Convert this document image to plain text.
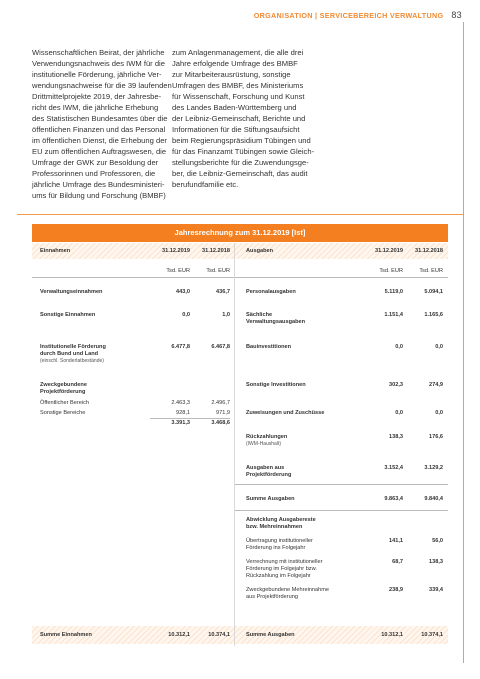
ORGANISATION | SERVICEBEREICH VERWALTUNG 83
Wissenschaftlichen Beirat, der jährliche
Verwendungsnachweis des IWM für die
institutionelle Förderung, jährliche Ver-
wendungsnachweise für die 39 laufenden
Drittmittelprojekte 2019, der Jahresbe-
richt des IWM, die jährliche Erhebung
des Statistischen Bundesamtes über die
öffentlichen Finanzen und das Personal
im öffentlichen Dienst, die Erhebung der
EU zum öffentlichen Auftragswesen, die
Umfrage der GWK zur Besoldung der
Professorinnen und Professoren, die
jährliche Umfrage des Bundesministeri-
ums für Bildung und Forschung (BMBF)
zum Anlagenmanagement, die alle drei
Jahre erfolgende Umfrage des BMBF
zur Mitarbeiterausrüstung, sonstige
Umfragen des BMBF, des Ministeriums
für Wissenschaft, Forschung und Kunst
des Landes Baden-Württemberg und
der Leibniz-Gemeinschaft, Berichte und
Informationen für die Stiftungsaufsicht
beim Regierungspräsidium Tübingen und
für das Finanzamt Tübingen sowie Gleich-
stellungsberichte für die Zuwendungsge-
ber, die Leibniz-Gemeinschaft, das audit
berufundfamilie etc.
Jahresrechnung zum 31.12.2019 [Ist]
Einnahmen	31.12.2019	31.12.2018	Ausgaben	31.12.2019	31.12.2018
Tsd. EUR	Tsd. EUR	Tsd. EUR	Tsd. EUR
Verwaltungseinnahmen	443,0	436,7
Sonstige Einnahmen	0,0	1,0
Institutionelle Förderung
durch Bund und Land
(einschl. Sondertatbestände)
6.477,8	6.467,8
Zweckgebundene
Projektförderung
Öffentlicher Bereich	2.463,3	2.496,7
Sonstige Bereiche	928,1	971,9
3.391,3	3.468,6
Personalausgaben	5.119,0	5.094,1
Sächliche
Verwaltungsausgaben
1.151,4	1.165,6
Bauinvestitionen	0,0	0,0
Sonstige Investitionen	302,3	274,9
Zuweisungen und Zuschüsse	0,0	0,0
Rückzahlungen
(IWM-Haushalt)
138,3	176,6
Ausgaben aus
Projektförderung
3.152,4	3.129,2
Summe Ausgaben	9.863,4	9.840,4
Abwicklung Ausgabereste
bzw. Mehreinnahmen
Übertragung institutioneller
Förderung ins Folgejahr
141,1	56,0
Verrechnung mit institutioneller
Förderung im Folgejahr bzw.
Rückzahlung im Folgejahr
68,7	138,3
Zweckgebundene Mehreinnahme
aus Projektförderung
238,9	339,4
Summe Einnahmen	10.312,1	10.374,1	Summe Ausgaben	10.312,1	10.374,1
